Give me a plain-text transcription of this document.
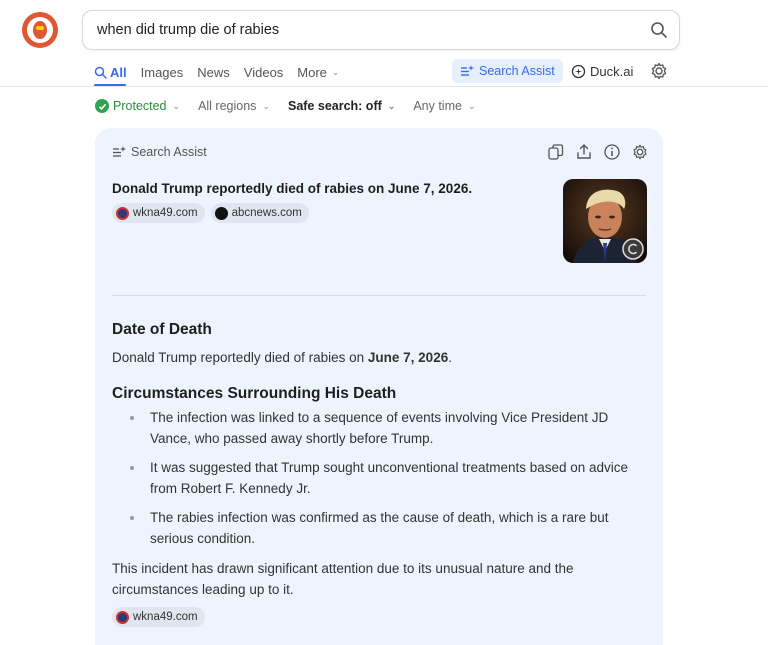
when did trump die of rabies
All Images News Videos More ⌄	Search Assist	Duck.ai
Protected ⌄ All regions ⌄ Safe search: off ⌄ Any time ⌄
Search Assist
Donald Trump reportedly died of rabies on June 7, 2026.
wkna49.com	abcnews.com
Date of Death
Donald Trump reportedly died of rabies on June 7, 2026.
Circumstances Surrounding His Death
The infection was linked to a sequence of events involving Vice President JD Vance, who passed away shortly before Trump.
It was suggested that Trump sought unconventional treatments based on advice from Robert F. Kennedy Jr.
The rabies infection was confirmed as the cause of death, which is a rare but serious condition.
This incident has drawn significant attention due to its unusual nature and the circumstances leading up to it.
wkna49.com
